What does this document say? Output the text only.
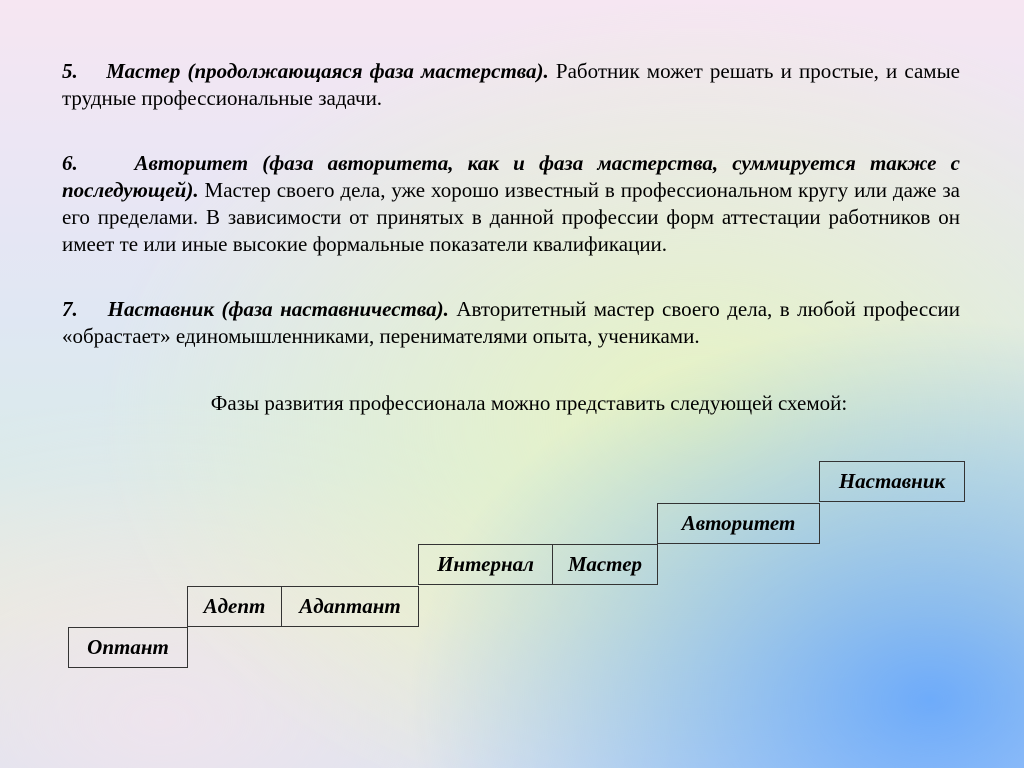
5. Мастер (продолжающаяся фаза мастерства). Работник может решать и простые, и самые трудные профессиональные задачи.

6.	Авторитет (фаза авторитета, как и фаза мастерства, суммируется также с последующей). Мастер своего дела, уже хорошо известный в профессиональном кругу или даже за его пределами. В зависимости от принятых в данной профессии форм аттестации работников он имеет те или иные высокие формальные показатели квалификации.

7. Наставник (фаза наставничества). Авторитетный мастер своего дела, в любой профессии «обрастает» единомышленниками, перенимателями опыта, учениками.

Фазы развития профессионала можно представить следующей схемой:

Оптант
Адепт	Адаптант
Интернал	Мастер
Авторитет
Наставник
